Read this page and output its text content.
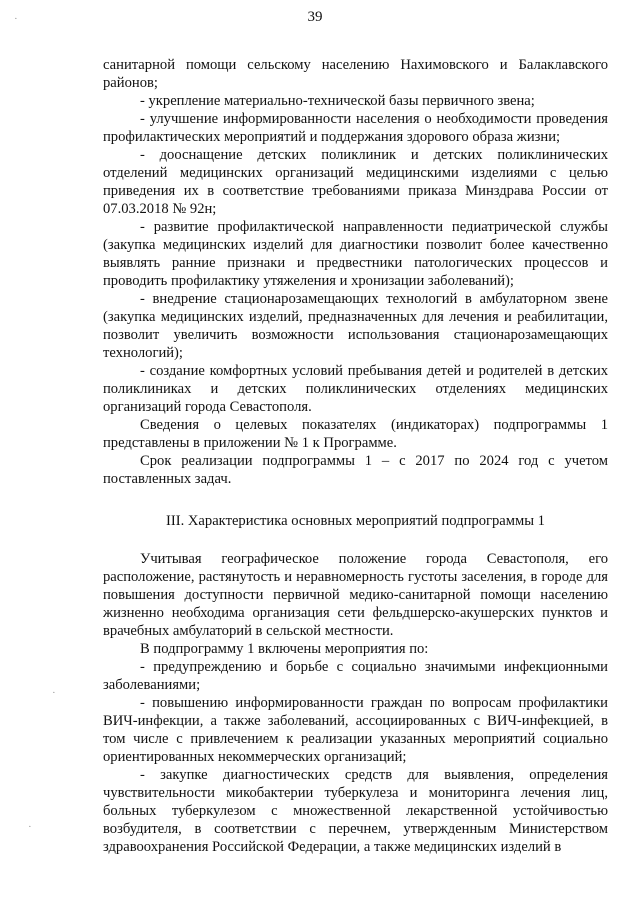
39

санитарной помощи сельскому населению Нахимовского и Балаклавского районов;

- укрепление материально-технической базы первичного звена;

- улучшение информированности населения о необходимости проведения профилактических мероприятий и поддержания здорового образа жизни;

- дооснащение детских поликлиник и детских поликлинических отделений медицинских организаций медицинскими изделиями с целью приведения их в соответствие требованиями приказа Минздрава России от 07.03.2018 № 92н;

- развитие профилактической направленности педиатрической службы (закупка медицинских изделий для диагностики позволит более качественно выявлять ранние признаки и предвестники патологических процессов и проводить профилактику утяжеления и хронизации заболеваний);

- внедрение стационарозамещающих технологий в амбулаторном звене (закупка медицинских изделий, предназначенных для лечения и реабилитации, позволит увеличить возможности использования стационарозамещающих технологий);

- создание комфортных условий пребывания детей и родителей в детских поликлиниках и детских поликлинических отделениях медицинских организаций города Севастополя.

Сведения о целевых показателях (индикаторах) подпрограммы 1 представлены в приложении № 1 к Программе.

Срок реализации подпрограммы 1 – с 2017 по 2024 год с учетом поставленных задач.

III. Характеристика основных мероприятий подпрограммы 1

Учитывая географическое положение города Севастополя, его расположение, растянутость и неравномерность густоты заселения, в городе для повышения доступности первичной медико-санитарной помощи населению жизненно необходима организация сети фельдшерско-акушерских пунктов и врачебных амбулаторий в сельской местности.

В подпрограмму 1 включены мероприятия по:

- предупреждению и борьбе с социально значимыми инфекционными заболеваниями;

- повышению информированности граждан по вопросам профилактики ВИЧ-инфекции, а также заболеваний, ассоциированных с ВИЧ-инфекцией, в том числе с привлечением к реализации указанных мероприятий социально ориентированных некоммерческих организаций;

- закупке диагностических средств для выявления, определения чувствительности микобактерии туберкулеза и мониторинга лечения лиц, больных туберкулезом с множественной лекарственной устойчивостью возбудителя, в соответствии с перечнем, утвержденным Министерством здравоохранения Российской Федерации, а также медицинских изделий в

·
·
·
